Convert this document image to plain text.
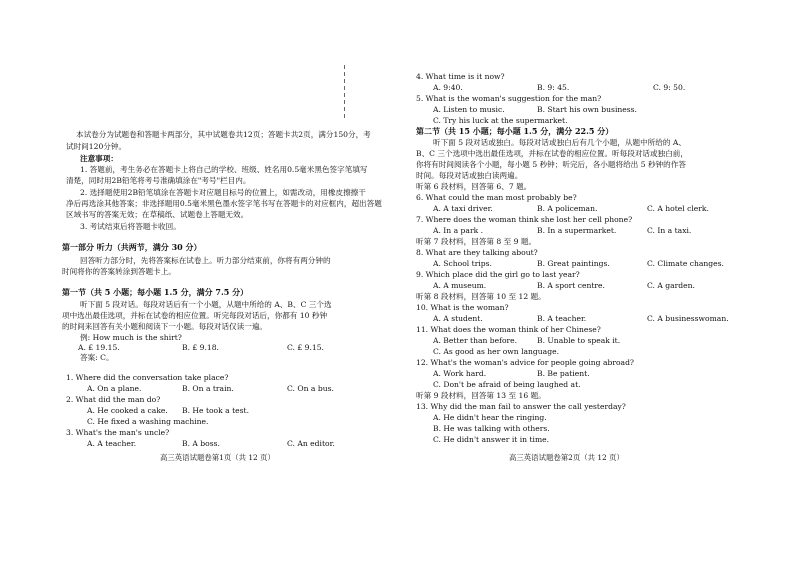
本试卷分为试题卷和答题卡两部分，其中试题卷共12页；答题卡共2页，满分150分，考
试时间120分钟。
注意事项：
1. 答题前，考生务必在答题卡上将自己的学校、班级、姓名用0.5毫米黑色签字笔填写
清楚，同时用2B铅笔将考号准确填涂在"考号"栏目内。
2. 选择题使用2B铅笔填涂在答题卡对应题目标号的位置上，如需改动，用橡皮擦擦干
净后再选涂其他答案；非选择题用0.5毫米黑色墨水签字笔书写在答题卡的对应框内，超出答题
区域书写的答案无效；在草稿纸、试题卷上答题无效。
3. 考试结束后将答题卡收回。
第一部分 听力（共两节，满分 30 分）
回答听力部分时，先将答案标在试卷上。听力部分结束前，你将有两分钟的
时间将你的答案转涂到答题卡上。
第一节（共 5 小题；每小题 1.5 分，满分 7.5 分）
听下面 5 段对话。每段对话后有一个小题，从题中所给的 A、B、C 三个选
项中选出最佳选项，并标在试卷的相应位置。听完每段对话后，你都有 10 秒钟
的时间来回答有关小题和阅读下一小题。每段对话仅读一遍。
例: How much is the shirt?
A. £ 19.15.	B. £ 9.18.	C. £ 9.15.
答案: C。
1. Where did the conversation take place?
A. On a plane.	B. On a train.	C. On a bus.
2. What did the man do?
A. He cooked a cake. B. He took a test.
C. He fixed a washing machine.
3. What's the man's uncle?
A. A teacher.	B. A boss.	C. An editor.
高三英语试题卷第1页（共 12 页）
4. What time is it now?
A. 9:40.	B. 9: 45.	C. 9: 50.
5. What is the woman's suggestion for the man?
A. Listen to music.	B. Start his own business.
C. Try his luck at the supermarket.
第二节（共 15 小题；每小题 1.5 分，满分 22.5 分）
听下面 5 段对话或独白。每段对话或独白后有几个小题，从题中所给的 A、
B、C 三个选项中选出最佳选项，并标在试卷的相应位置。听每段对话或独白前，
你将有时间阅读各个小题，每小题 5 秒钟；听完后，各小题将给出 5 秒钟的作答
时间。每段对话或独白读两遍。
听第 6 段材料，回答第 6、7 题。
6. What could the man most probably be?
A. A taxi driver.	B. A policeman.	C. A hotel clerk.
7. Where does the woman think she lost her cell phone?
A. In a park .	B. In a supermarket.	C. In a taxi.
听第 7 段材料，回答第 8 至 9 题。
8. What are they talking about?
A. School trips.	B. Great paintings.	C. Climate changes.
9. Which place did the girl go to last year?
A. A museum.	B. A sport centre.	C. A garden.
听第 8 段材料，回答第 10 至 12 题。
10. What is the woman?
A. A student.	B. A teacher.	C. A businesswoman.
11. What does the woman think of her Chinese?
A. Better than before.	B. Unable to speak it.
C. As good as her own language.
12. What's the woman's advice for people going abroad?
A. Work hard.	B. Be patient.
C. Don't be afraid of being laughed at.
听第 9 段材料，回答第 13 至 16 题。
13. Why did the man fail to answer the call yesterday?
A. He didn't hear the ringing.
B. He was talking with others.
C. He didn't answer it in time.
高三英语试题卷第2页（共 12 页）
